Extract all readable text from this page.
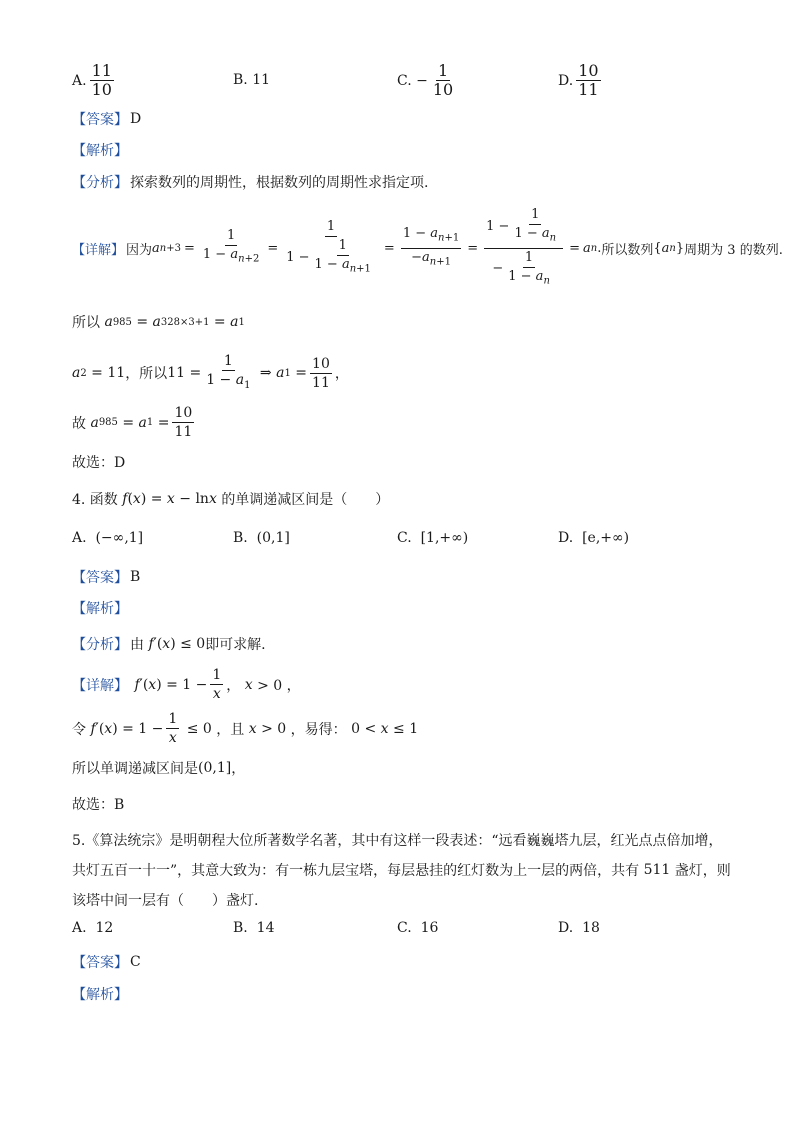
A. $\frac{11}{10}$	B.
11	C.
− $\frac{1}{10}$	D. $\frac{10}{11}$
【答案】 D
【解析】
【分析】 探索数列的周期性，根据数列的周期性求指定项.
【详解】 因为 a $n+3 = \frac{1}{1 - a_{n+2}} = \frac{1}{1 - \frac{1}{1 - a_{n+1}}} = \frac{1 - a_{n+1}}{-a_{n+1}} = \frac{1 - \frac{1}{1 - a_n}}{- \frac{1}{1 - a_n}} = a$ n . 所以数列 { a n } 周期为 3 的数列.
所以
a 985 = a 328×3+1 = a 1
a 2 = 11 ，所以 $11 = \frac{1}{1 - a_1}$ ⇒ a $1 = \frac{10}{11}$ ，
故
a 985 = a $1 = \frac{10}{11}$
故选：D
4. 函数
f ( x ) = x − ln x
的单调递减区间是（　　）
A.
(−∞,1]	B.
(0,1]	C.
[1,+∞)	D.
[e,+∞)
【答案】 B
【解析】
【分析】 由
f ′( x ) ≤ 0 即可求解.
【详解】
f ′( x ) = $1 - \frac{1}{x}$ ， x > 0 ，
令
f ′( x ) = $1 - \frac{1}{x} \le 0$ ，且
x > 0 ，易得： 0 < x ≤ 1
所以单调递减区间是 (0,1] ，
故选：B
5.《算法统宗》是明朝程大位所著数学名著，其中有这样一段表述：“远看巍巍塔九层，红光点点倍加增，
共灯五百一十一”，其意大致为：有一栋九层宝塔，每层悬挂的红灯数为上一层的两倍，共有
511
盏灯，则
该塔中间一层有（　　）盏灯.
A.
12	B.
14	C.
16	D.
18
【答案】 C
【解析】
